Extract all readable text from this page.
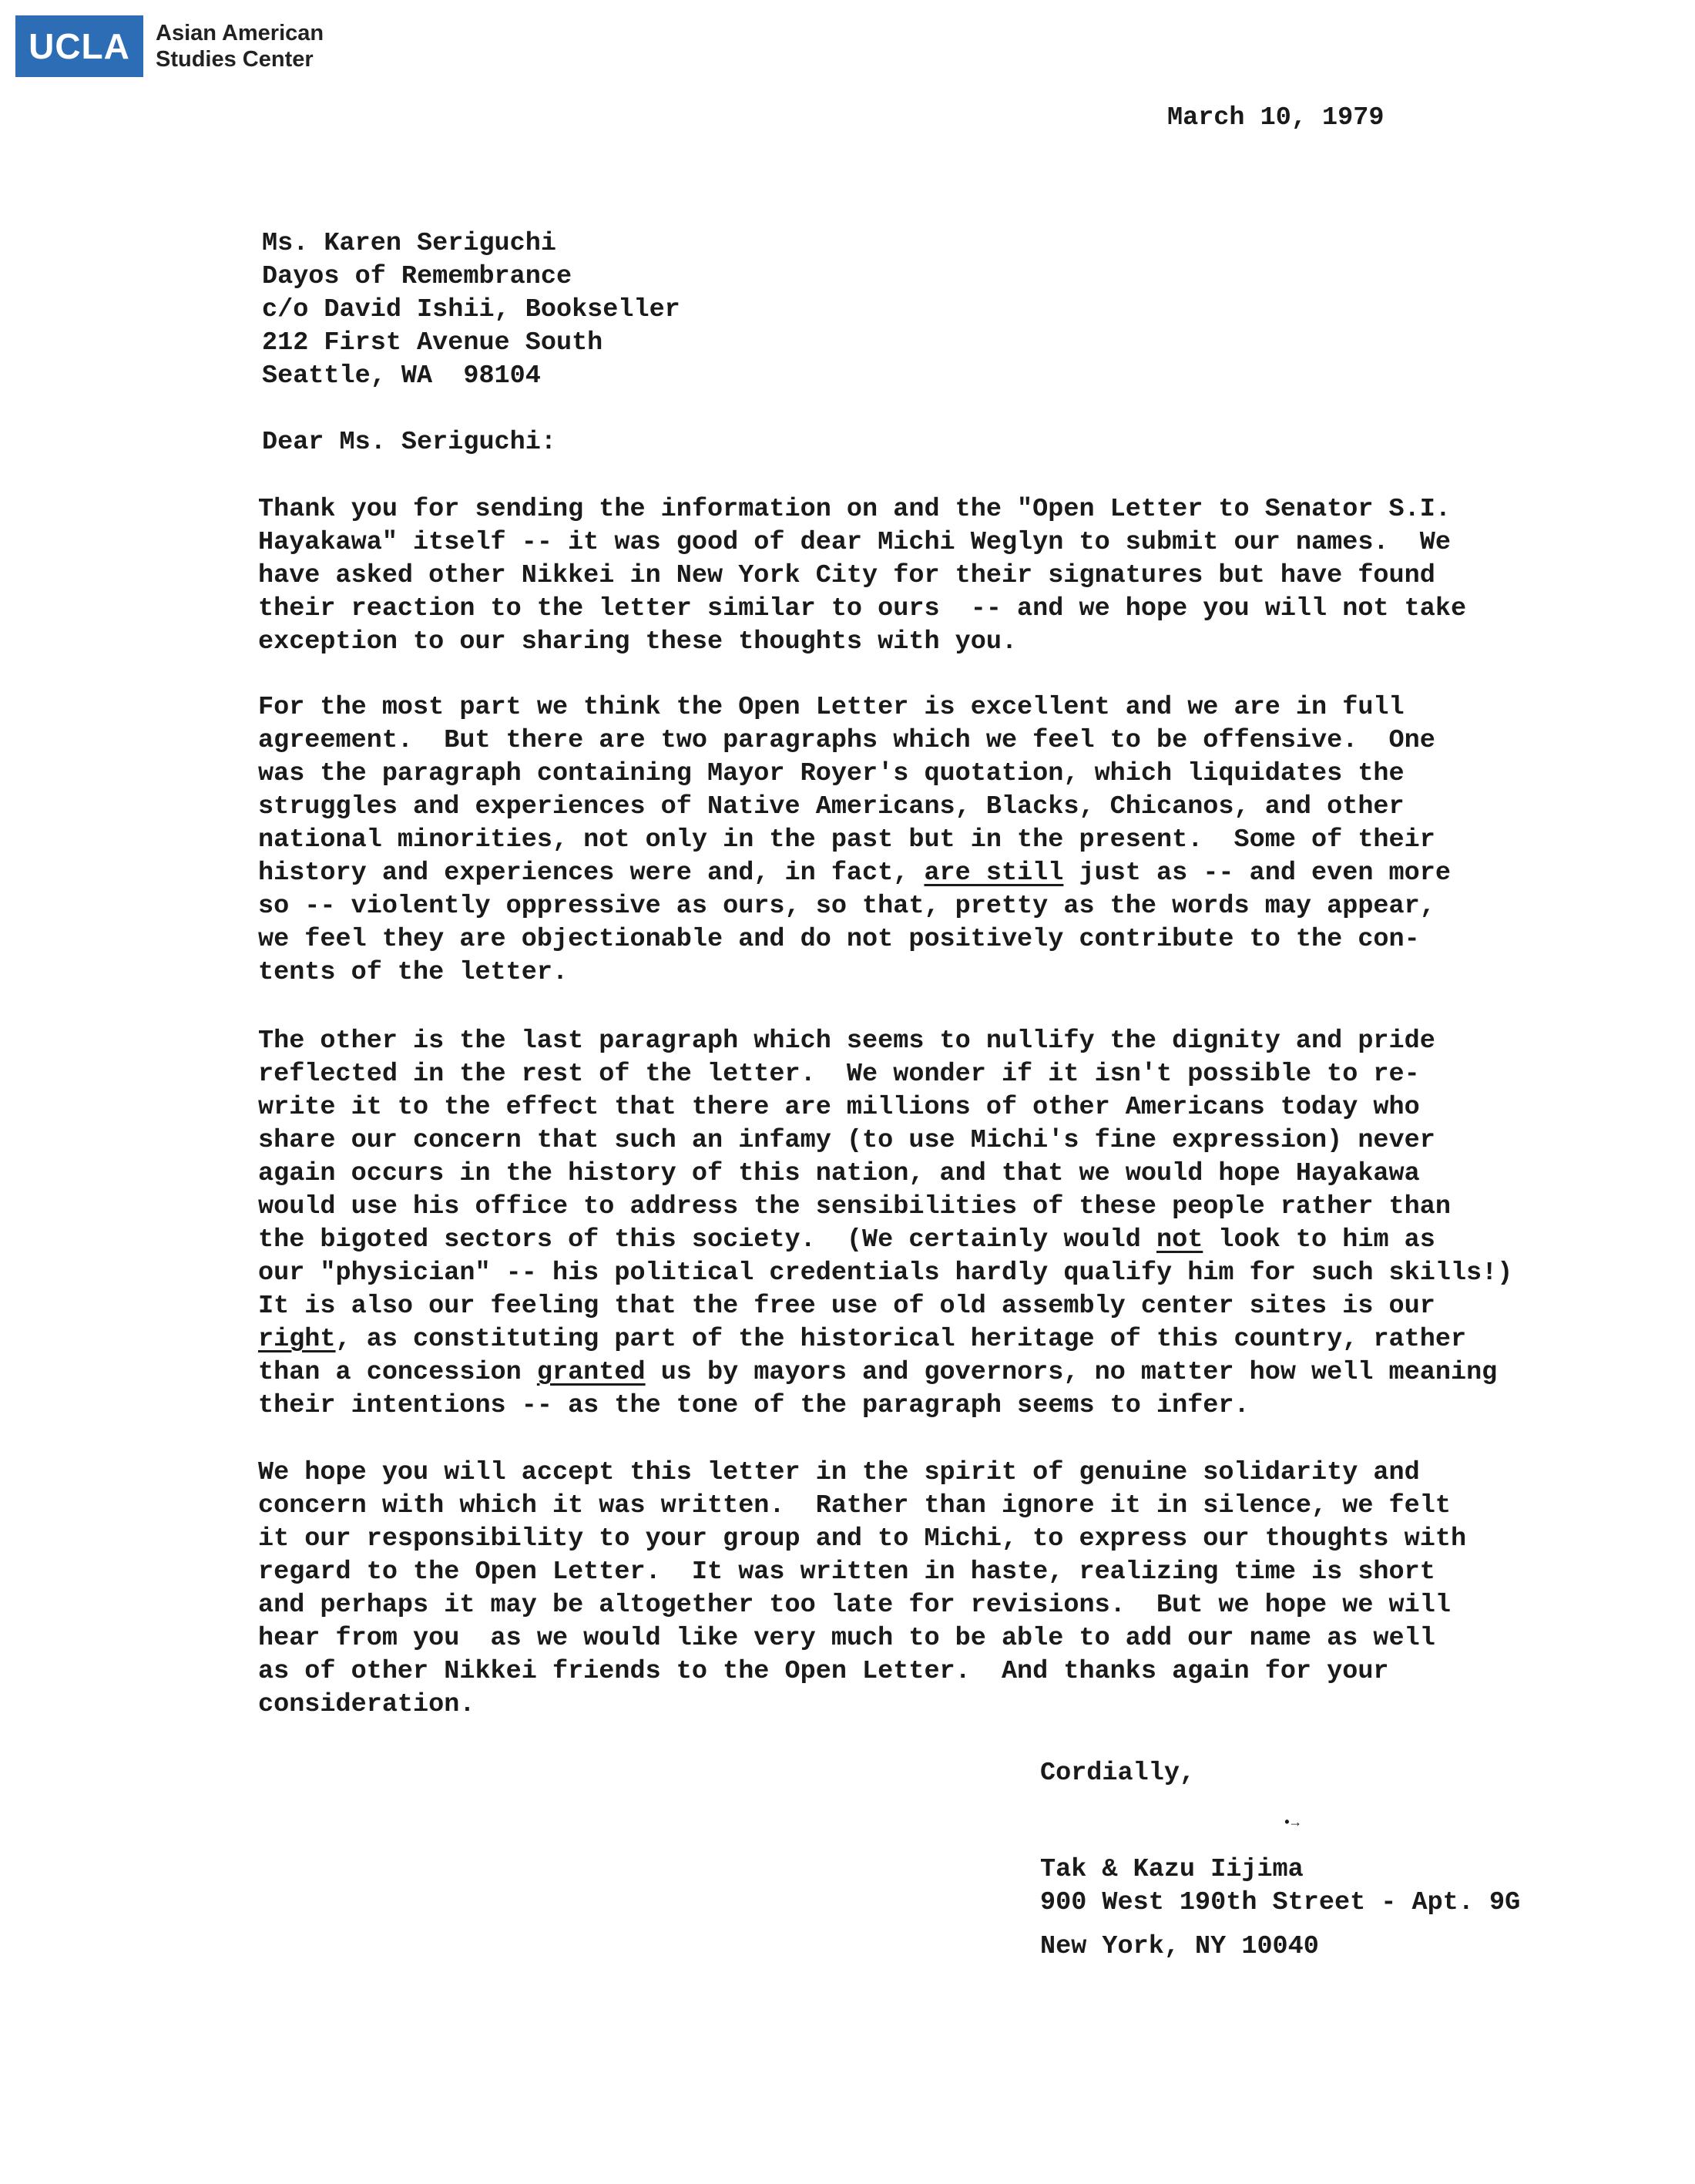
UCLA	Asian American
Studies Center
March 10, 1979
Ms. Karen Seriguchi
Dayos of Remembrance
c/o David Ishii, Bookseller
212 First Avenue South
Seattle, WA  98104
Dear Ms. Seriguchi:
Thank you for sending the information on and the "Open Letter to Senator S.I.
Hayakawa" itself -- it was good of dear Michi Weglyn to submit our names.  We
have asked other Nikkei in New York City for their signatures but have found
their reaction to the letter similar to ours  -- and we hope you will not take
exception to our sharing these thoughts with you.
For the most part we think the Open Letter is excellent and we are in full
agreement.  But there are two paragraphs which we feel to be offensive.  One
was the paragraph containing Mayor Royer's quotation, which liquidates the
struggles and experiences of Native Americans, Blacks, Chicanos, and other
national minorities, not only in the past but in the present.  Some of their
history and experiences were and, in fact, are still just as -- and even more
so -- violently oppressive as ours, so that, pretty as the words may appear,
we feel they are objectionable and do not positively contribute to the con-
tents of the letter.
The other is the last paragraph which seems to nullify the dignity and pride
reflected in the rest of the letter.  We wonder if it isn't possible to re-
write it to the effect that there are millions of other Americans today who
share our concern that such an infamy (to use Michi's fine expression) never
again occurs in the history of this nation, and that we would hope Hayakawa
would use his office to address the sensibilities of these people rather than
the bigoted sectors of this society.  (We certainly would not look to him as
our "physician" -- his political credentials hardly qualify him for such skills!)
It is also our feeling that the free use of old assembly center sites is our
right, as constituting part of the historical heritage of this country, rather
than a concession granted us by mayors and governors, no matter how well meaning
their intentions -- as the tone of the paragraph seems to infer.
We hope you will accept this letter in the spirit of genuine solidarity and
concern with which it was written.  Rather than ignore it in silence, we felt
it our responsibility to your group and to Michi, to express our thoughts with
regard to the Open Letter.  It was written in haste, realizing time is short
and perhaps it may be altogether too late for revisions.  But we hope we will
hear from you  as we would like very much to be able to add our name as well
as of other Nikkei friends to the Open Letter.  And thanks again for your
consideration.
Cordially,
•→
Tak & Kazu Iijima
900 West 190th Street - Apt. 9G
New York, NY 10040
